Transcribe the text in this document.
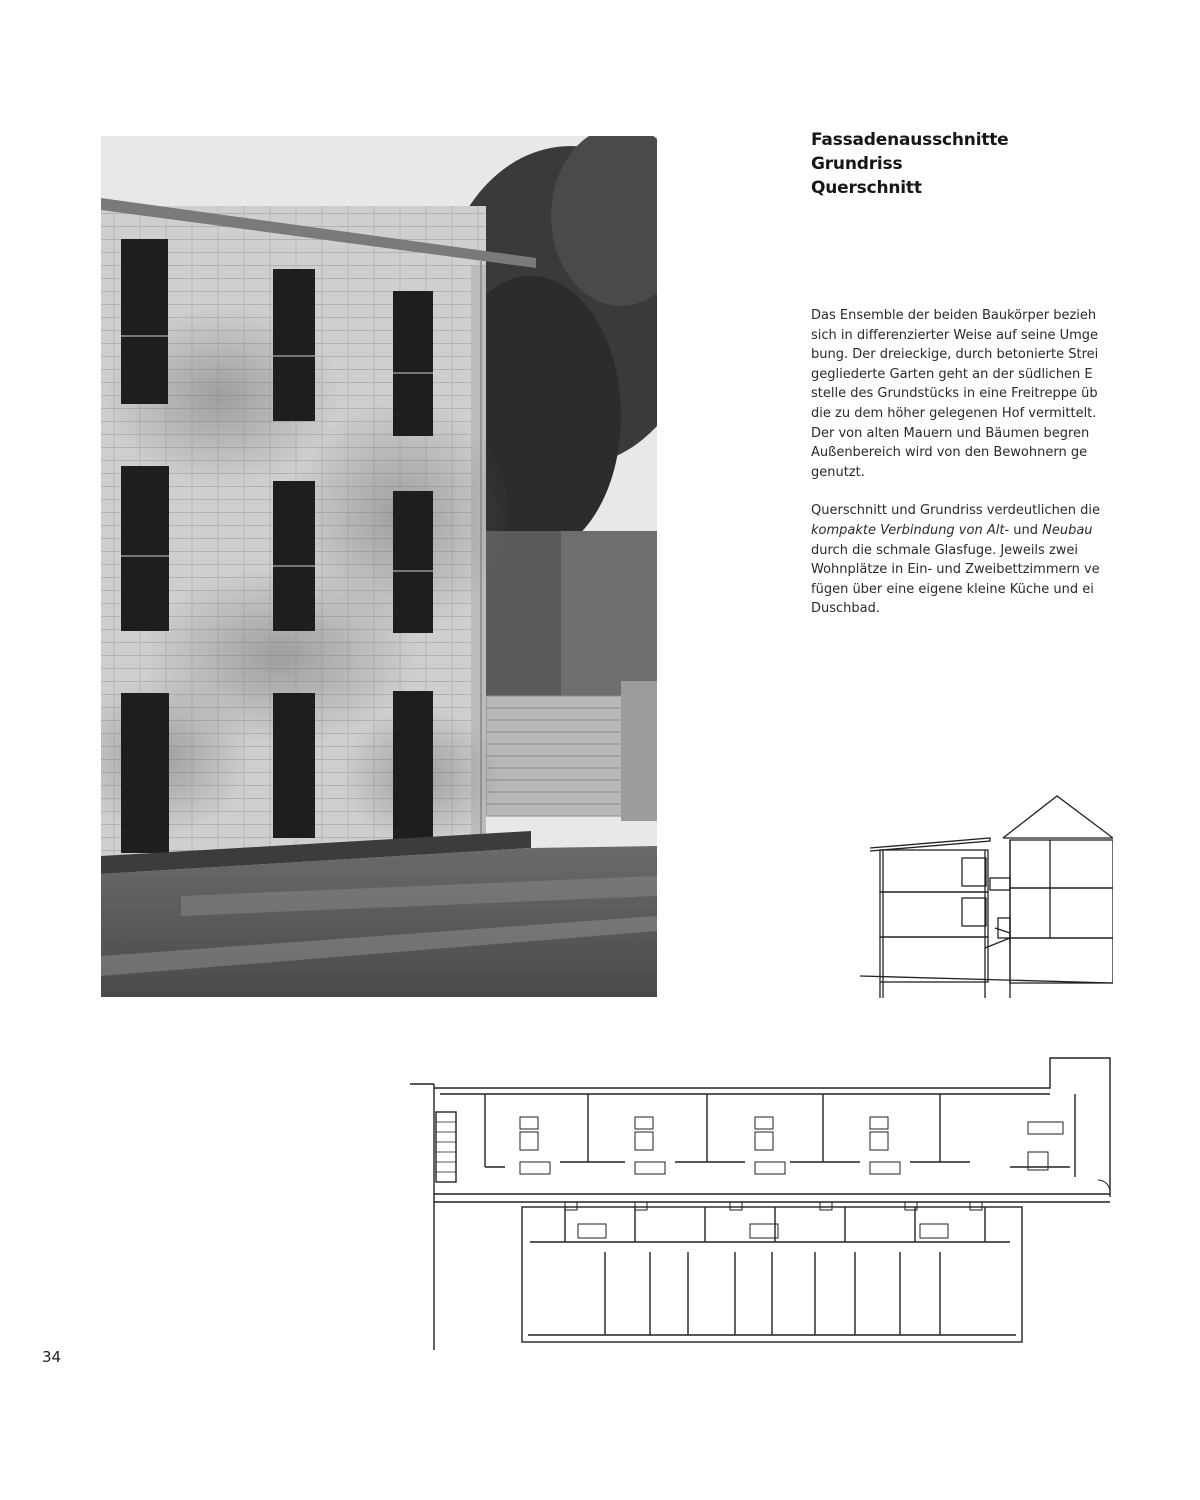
Fassadenausschnitte
Grundriss
Querschnitt

Das Ensemble der beiden Baukörper bezieh
sich in differenzierter Weise auf seine Umge
bung. Der dreieckige, durch betonierte Strei
gegliederte Garten geht an der südlichen E
stelle des Grundstücks in eine Freitreppe üb
die zu dem höher gelegenen Hof vermittelt.
Der von alten Mauern und Bäumen begren
Außenbereich wird von den Bewohnern ge
genutzt.

Querschnitt und Grundriss verdeutlichen die
kompakte Verbindung von Alt- und Neubau
durch die schmale Glasfuge. Jeweils zwei
Wohnplätze in Ein- und Zweibettzimmern ve
fügen über eine eigene kleine Küche und ei
Duschbad.

34
